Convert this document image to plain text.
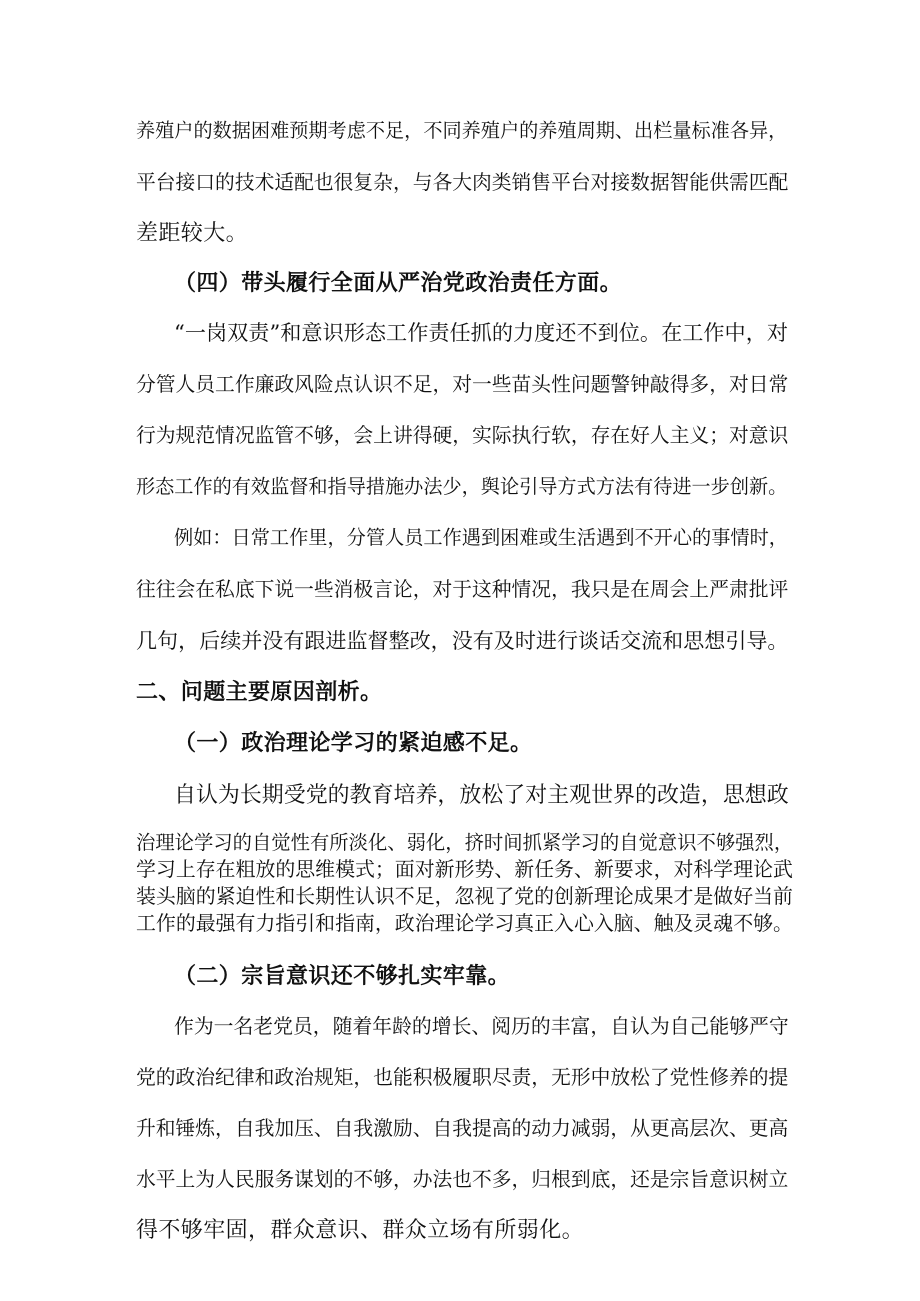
养殖户的数据困难预期考虑不足，不同养殖户的养殖周期、出栏量标准各异，

平台接口的技术适配也很复杂，与各大肉类销售平台对接数据智能供需匹配

差距较大。

（四）带头履行全面从严治党政治责任方面。

“一岗双责”和意识形态工作责任抓的力度还不到位。在工作中，对

分管人员工作廉政风险点认识不足，对一些苗头性问题警钟敲得多，对日常

行为规范情况监管不够，会上讲得硬，实际执行软，存在好人主义；对意识

形态工作的有效监督和指导措施办法少，舆论引导方式方法有待进一步创新。

例如：日常工作里，分管人员工作遇到困难或生活遇到不开心的事情时，

往往会在私底下说一些消极言论，对于这种情况，我只是在周会上严肃批评

几句，后续并没有跟进监督整改，没有及时进行谈话交流和思想引导。

二、问题主要原因剖析。

（一）政治理论学习的紧迫感不足。

自认为长期受党的教育培养，放松了对主观世界的改造，思想政

治理论学习的自觉性有所淡化、弱化，挤时间抓紧学习的自觉意识不够强烈，

学习上存在粗放的思维模式；面对新形势、新任务、新要求，对科学理论武

装头脑的紧迫性和长期性认识不足，忽视了党的创新理论成果才是做好当前

工作的最强有力指引和指南，政治理论学习真正入心入脑、触及灵魂不够。

（二）宗旨意识还不够扎实牢靠。

作为一名老党员，随着年龄的增长、阅历的丰富，自认为自己能够严守

党的政治纪律和政治规矩，也能积极履职尽责，无形中放松了党性修养的提

升和锤炼，自我加压、自我激励、自我提高的动力减弱，从更高层次、更高

水平上为人民服务谋划的不够，办法也不多，归根到底，还是宗旨意识树立

得不够牢固，群众意识、群众立场有所弱化。
